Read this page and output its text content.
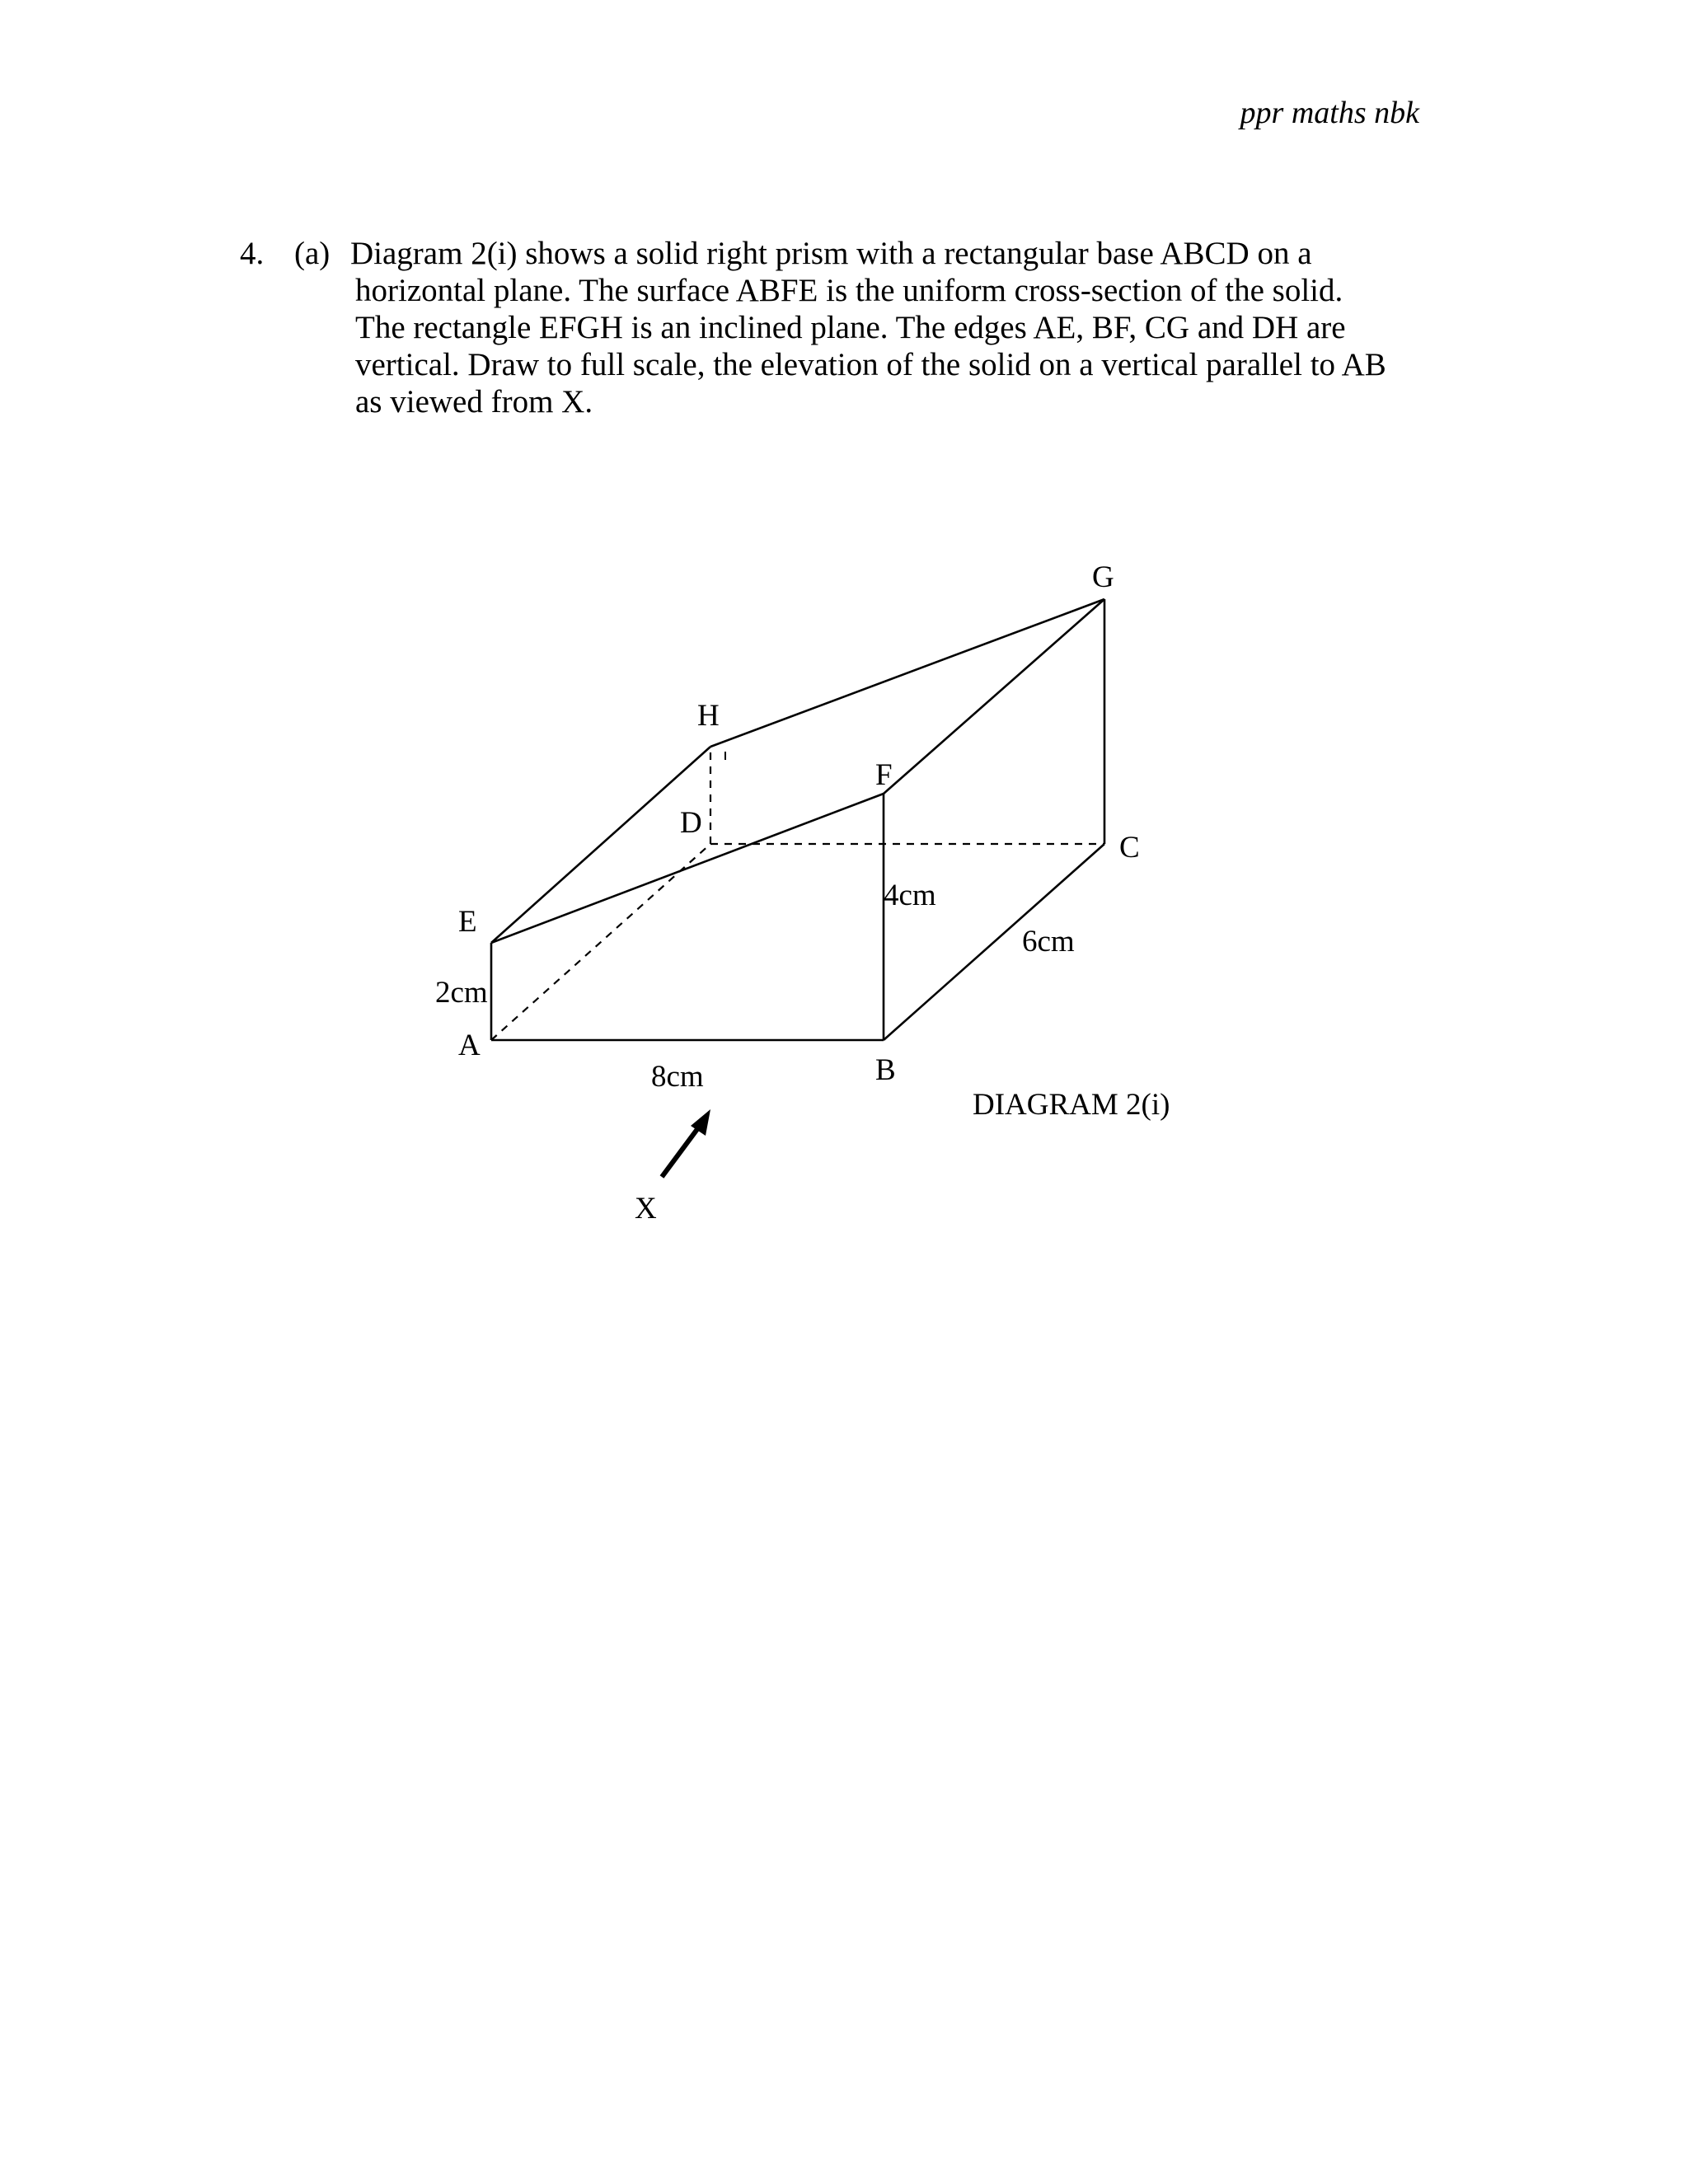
ppr maths nbk
4. (a) Diagram 2(i) shows a solid right prism with a rectangular base ABCD on a
horizontal plane. The surface ABFE is the uniform cross-section of the solid.
The rectangle EFGH is an inclined plane. The edges AE, BF, CG and DH are
vertical. Draw to full scale, the elevation of the solid on a vertical parallel to AB
as viewed from X.
A
B
C
D
E
F
G
H
2cm
8cm
4cm
6cm
X
DIAGRAM 2(i)
